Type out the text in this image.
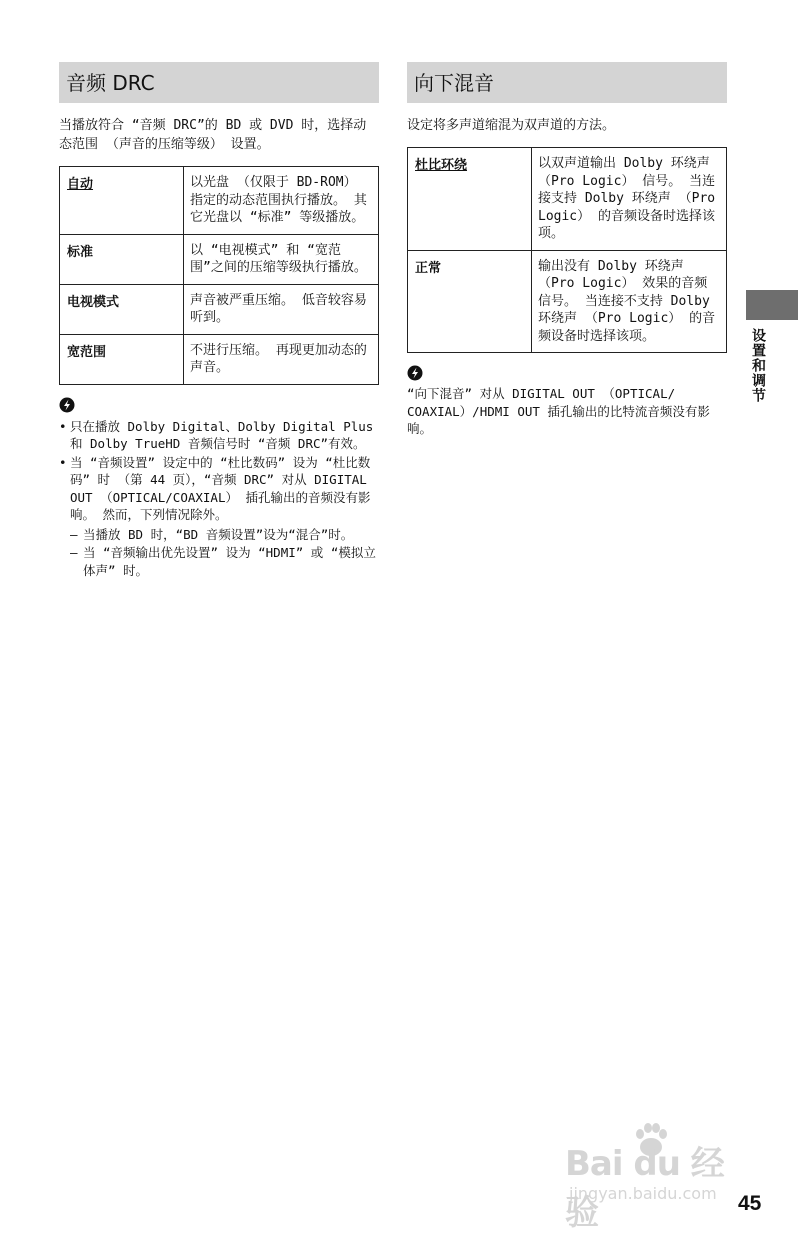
音频 DRC
当播放符合 “音频 DRC”的 BD 或 DVD 时，选择动态范围 （声音的压缩等级） 设置。
自动	以光盘 （仅限于 BD-ROM） 指定的动态范围执行播放。 其它光盘以 “标准” 等级播放。
标准	以 “电视模式” 和 “宽范围”之间的压缩等级执行播放。
电视模式	声音被严重压缩。 低音较容易听到。
宽范围	不进行压缩。 再现更加动态的声音。
• 只在播放 Dolby Digital、Dolby Digital Plus 和 Dolby TrueHD 音频信号时 “音频 DRC”有效。
• 当 “音频设置” 设定中的 “杜比数码” 设为 “杜比数码” 时 （第 44 页），“音频 DRC” 对从 DIGITAL OUT （OPTICAL/COAXIAL） 插孔输出的音频没有影响。 然而，下列情况除外。
– 当播放 BD 时，“BD 音频设置”设为“混合”时。
– 当 “音频输出优先设置” 设为 “HDMI” 或 “模拟立体声” 时。
向下混音
设定将多声道缩混为双声道的方法。
杜比环绕	以双声道输出 Dolby 环绕声 （Pro Logic） 信号。 当连接支持 Dolby 环绕声 （Pro Logic） 的音频设备时选择该项。
正常	输出没有 Dolby 环绕声 （Pro Logic） 效果的音频信号。 当连接不支持 Dolby 环绕声 （Pro Logic） 的音频设备时选择该项。
“向下混音” 对从 DIGITAL OUT （OPTICAL/ COAXIAL）/HDMI OUT 插孔输出的比特流音频没有影响。
设置和调节
Bai du 经验
jingyan.baidu.com 45
